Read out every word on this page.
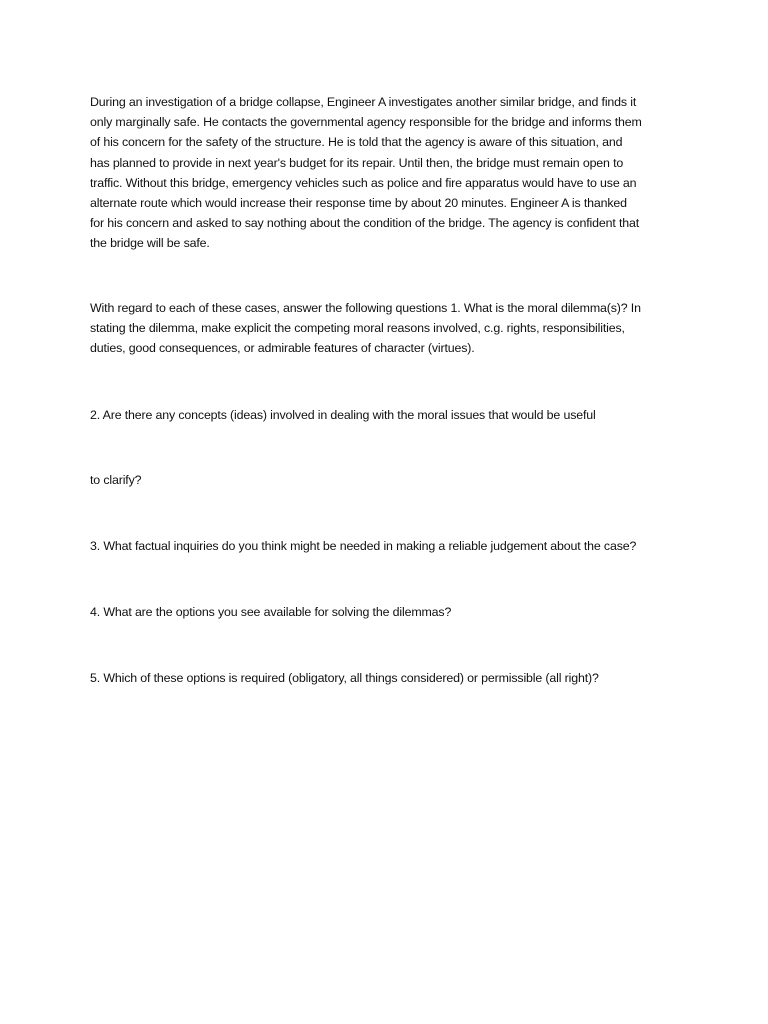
During an investigation of a bridge collapse, Engineer A investigates another similar bridge, and finds it
only marginally safe. He contacts the governmental agency responsible for the bridge and informs them
of his concern for the safety of the structure. He is told that the agency is aware of this situation, and
has planned to provide in next year's budget for its repair. Until then, the bridge must remain open to
traffic. Without this bridge, emergency vehicles such as police and fire apparatus would have to use an
alternate route which would increase their response time by about 20 minutes. Engineer A is thanked
for his concern and asked to say nothing about the condition of the bridge. The agency is confident that
the bridge will be safe.

With regard to each of these cases, answer the following questions 1. What is the moral dilemma(s)? In
stating the dilemma, make explicit the competing moral reasons involved, c.g. rights, responsibilities,
duties, good consequences, or admirable features of character (virtues).

2. Are there any concepts (ideas) involved in dealing with the moral issues that would be useful

to clarify?

3. What factual inquiries do you think might be needed in making a reliable judgement about the case?

4. What are the options you see available for solving the dilemmas?

5. Which of these options is required (obligatory, all things considered) or permissible (all right)?
